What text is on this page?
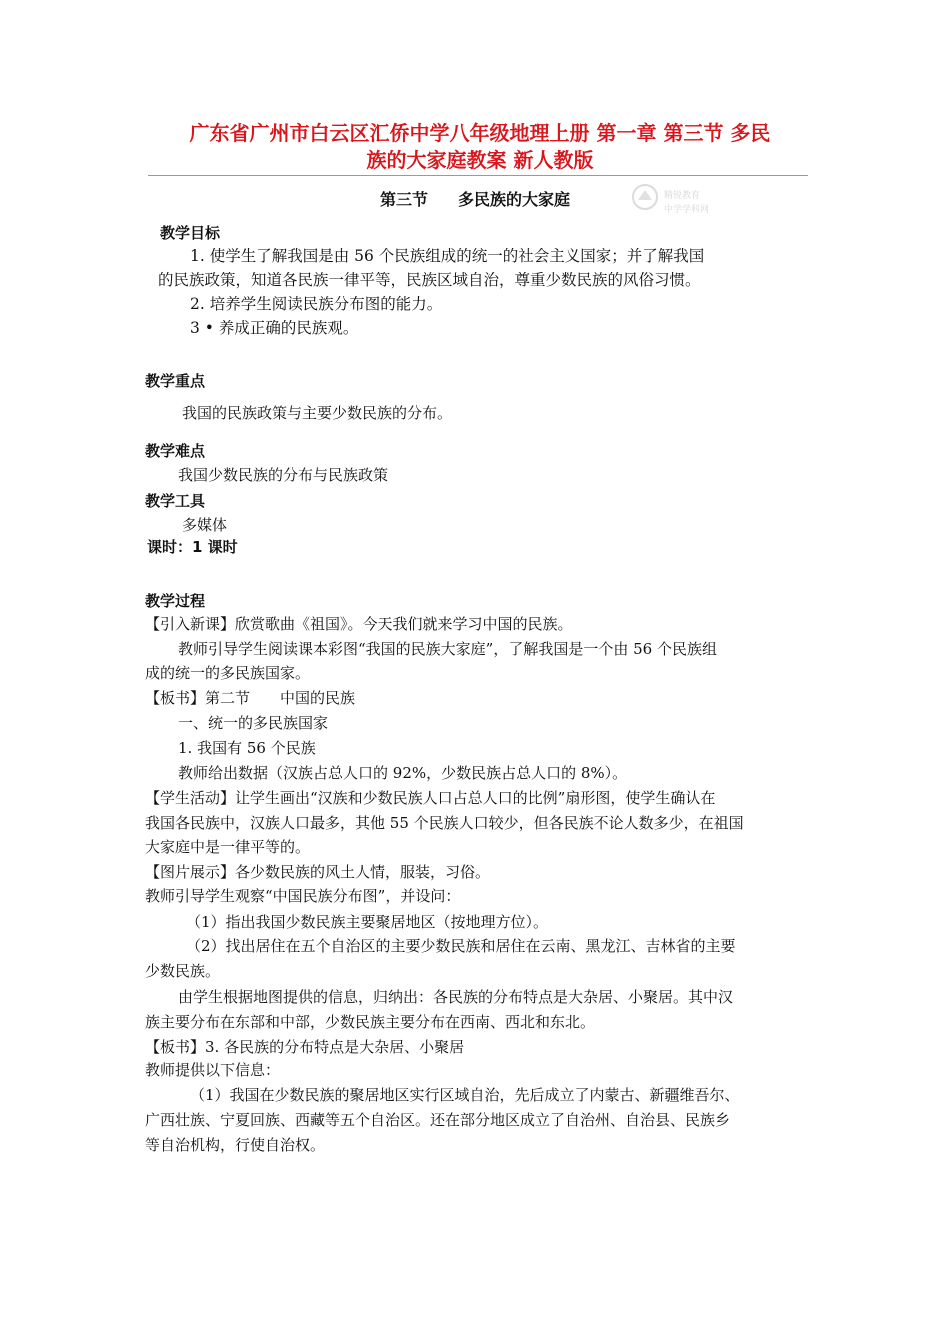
广东省广州市白云区汇侨中学八年级地理上册 第一章 第三节 多民
族的大家庭教案 新人教版
精锐教育
中学学科网
第三节 多民族的大家庭
教学目标
1. 使学生了解我国是由 56 个民族组成的统一的社会主义国家；并了解我国
的民族政策，知道各民族一律平等，民族区域自治，尊重少数民族的风俗习惯。
2. 培养学生阅读民族分布图的能力。
3 • 养成正确的民族观。
教学重点
我国的民族政策与主要少数民族的分布。
教学难点
我国少数民族的分布与民族政策
教学工具
多媒体
课时：1 课时
教学过程
【引入新课】欣赏歌曲《祖国》。今天我们就来学习中国的民族。
教师引导学生阅读课本彩图“我国的民族大家庭”，了解我国是一个由 56 个民族组
成的统一的多民族国家。
【板书】第二节　　中国的民族
一、统一的多民族国家
1. 我国有 56 个民族
教师给出数据（汉族占总人口的 92%，少数民族占总人口的 8%）。
【学生活动】让学生画出“汉族和少数民族人口占总人口的比例”扇形图，使学生确认在
我国各民族中，汉族人口最多，其他 55 个民族人口较少，但各民族不论人数多少，在祖国
大家庭中是一律平等的。
【图片展示】各少数民族的风土人情，服装，习俗。
教师引导学生观察“中国民族分布图”，并设问：
（1）指出我国少数民族主要聚居地区（按地理方位）。
（2）找出居住在五个自治区的主要少数民族和居住在云南、黑龙江、吉林省的主要
少数民族。
由学生根据地图提供的信息，归纳出：各民族的分布特点是大杂居、小聚居。其中汉
族主要分布在东部和中部，少数民族主要分布在西南、西北和东北。
【板书】3. 各民族的分布特点是大杂居、小聚居
教师提供以下信息：
（1）我国在少数民族的聚居地区实行区域自治，先后成立了内蒙古、新疆维吾尔、
广西壮族、宁夏回族、西藏等五个自治区。还在部分地区成立了自治州、自治县、民族乡
等自治机构，行使自治权。
